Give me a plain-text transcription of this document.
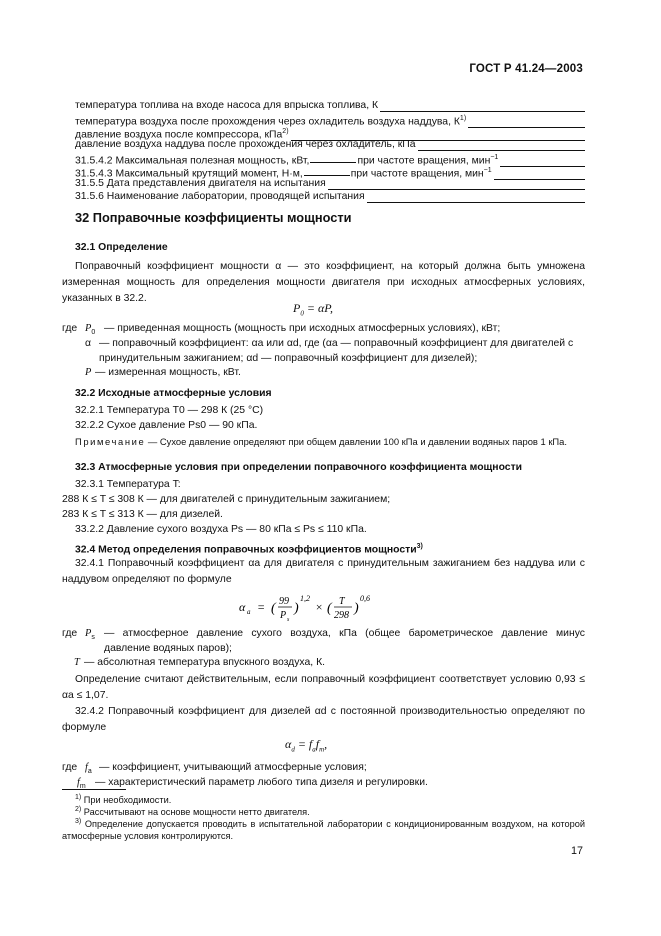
ГОСТ Р 41.24—2003
температура топлива на входе насоса для впрыска топлива, К
температура воздуха после прохождения через охладитель воздуха наддува, $К^{1)}$
давление воздуха после компрессора, кПа$^{2)}$
давление воздуха наддува после прохождения через охладитель, кПа
31.5.4.2 Максимальная полезная мощность, кВт,	при частоте вращения, мин$^{-1}$
31.5.4.3 Максимальный крутящий момент, Н·м,	при частоте вращения, мин$^{-1}$
31.5.5 Дата представления двигателя на испытания
31.5.6 Наименование лаборатории, проводящей испытания
32 Поправочные коэффициенты мощности
32.1 Определение
Поправочный коэффициент мощности α — это коэффициент, на который должна быть умножена измеренная мощность для определения мощности двигателя при исходных атмосферных условиях, указанных в 32.2.
$P_0 = \alpha P$,
где $P_0$ — приведенная мощность (мощность при исходных атмосферных условиях), кВт;
α — поправочный коэффициент: αa или αd, где (αa — поправочный коэффициент для двигателей с принудительным зажиганием; αd — поправочный коэффициент для дизелей);
P — измеренная мощность, кВт.
32.2 Исходные атмосферные условия
32.2.1 Температура T0 — 298 К (25 °С)
32.2.2 Сухое давление Ps0 — 90 кПа.
Примечание — Сухое давление определяют при общем давлении 100 кПа и давлении водяных паров 1 кПа.
32.3 Атмосферные условия при определении поправочного коэффициента мощности
32.3.1 Температура T:
288 К ≤ T ≤ 308 К — для двигателей с принудительным зажиганием;
283 К ≤ T ≤ 313 К — для дизелей.
33.2.2 Давление сухого воздуха Ps — 80 кПа ≤ Ps ≤ 110 кПа.
32.4 Метод определения поправочных коэффициентов мощности$^{3)}$
32.4.1 Поправочный коэффициент αa для двигателя с принудительным зажиганием без наддува или с наддувом определяют по формуле
α a = ( 99
P s
)
1,2
× ( T
298 )
0,6
где $P_s$ — атмосферное давление сухого воздуха, кПа (общее барометрическое давление минус давление водяных паров);
T — абсолютная температура впускного воздуха, К.
Определение считают действительным, если поправочный коэффициент соответствует условию 0,93 ≤ αa ≤ 1,07.
32.4.2 Поправочный коэффициент для дизелей αd с постоянной производительностью определяют по формуле
$\alpha_d = f_af_m$,
где $f_a$ — коэффициент, учитывающий атмосферные условия;
$f_m$ — характеристический параметр любого типа дизеля и регулировки.
$^{1)}$ При необходимости.
$^{2)}$ Рассчитывают на основе мощности нетто двигателя.
$^{3)}$ Определение допускается проводить в испытательной лаборатории с кондиционированным воздухом, на которой атмосферные условия контролируются.
17
